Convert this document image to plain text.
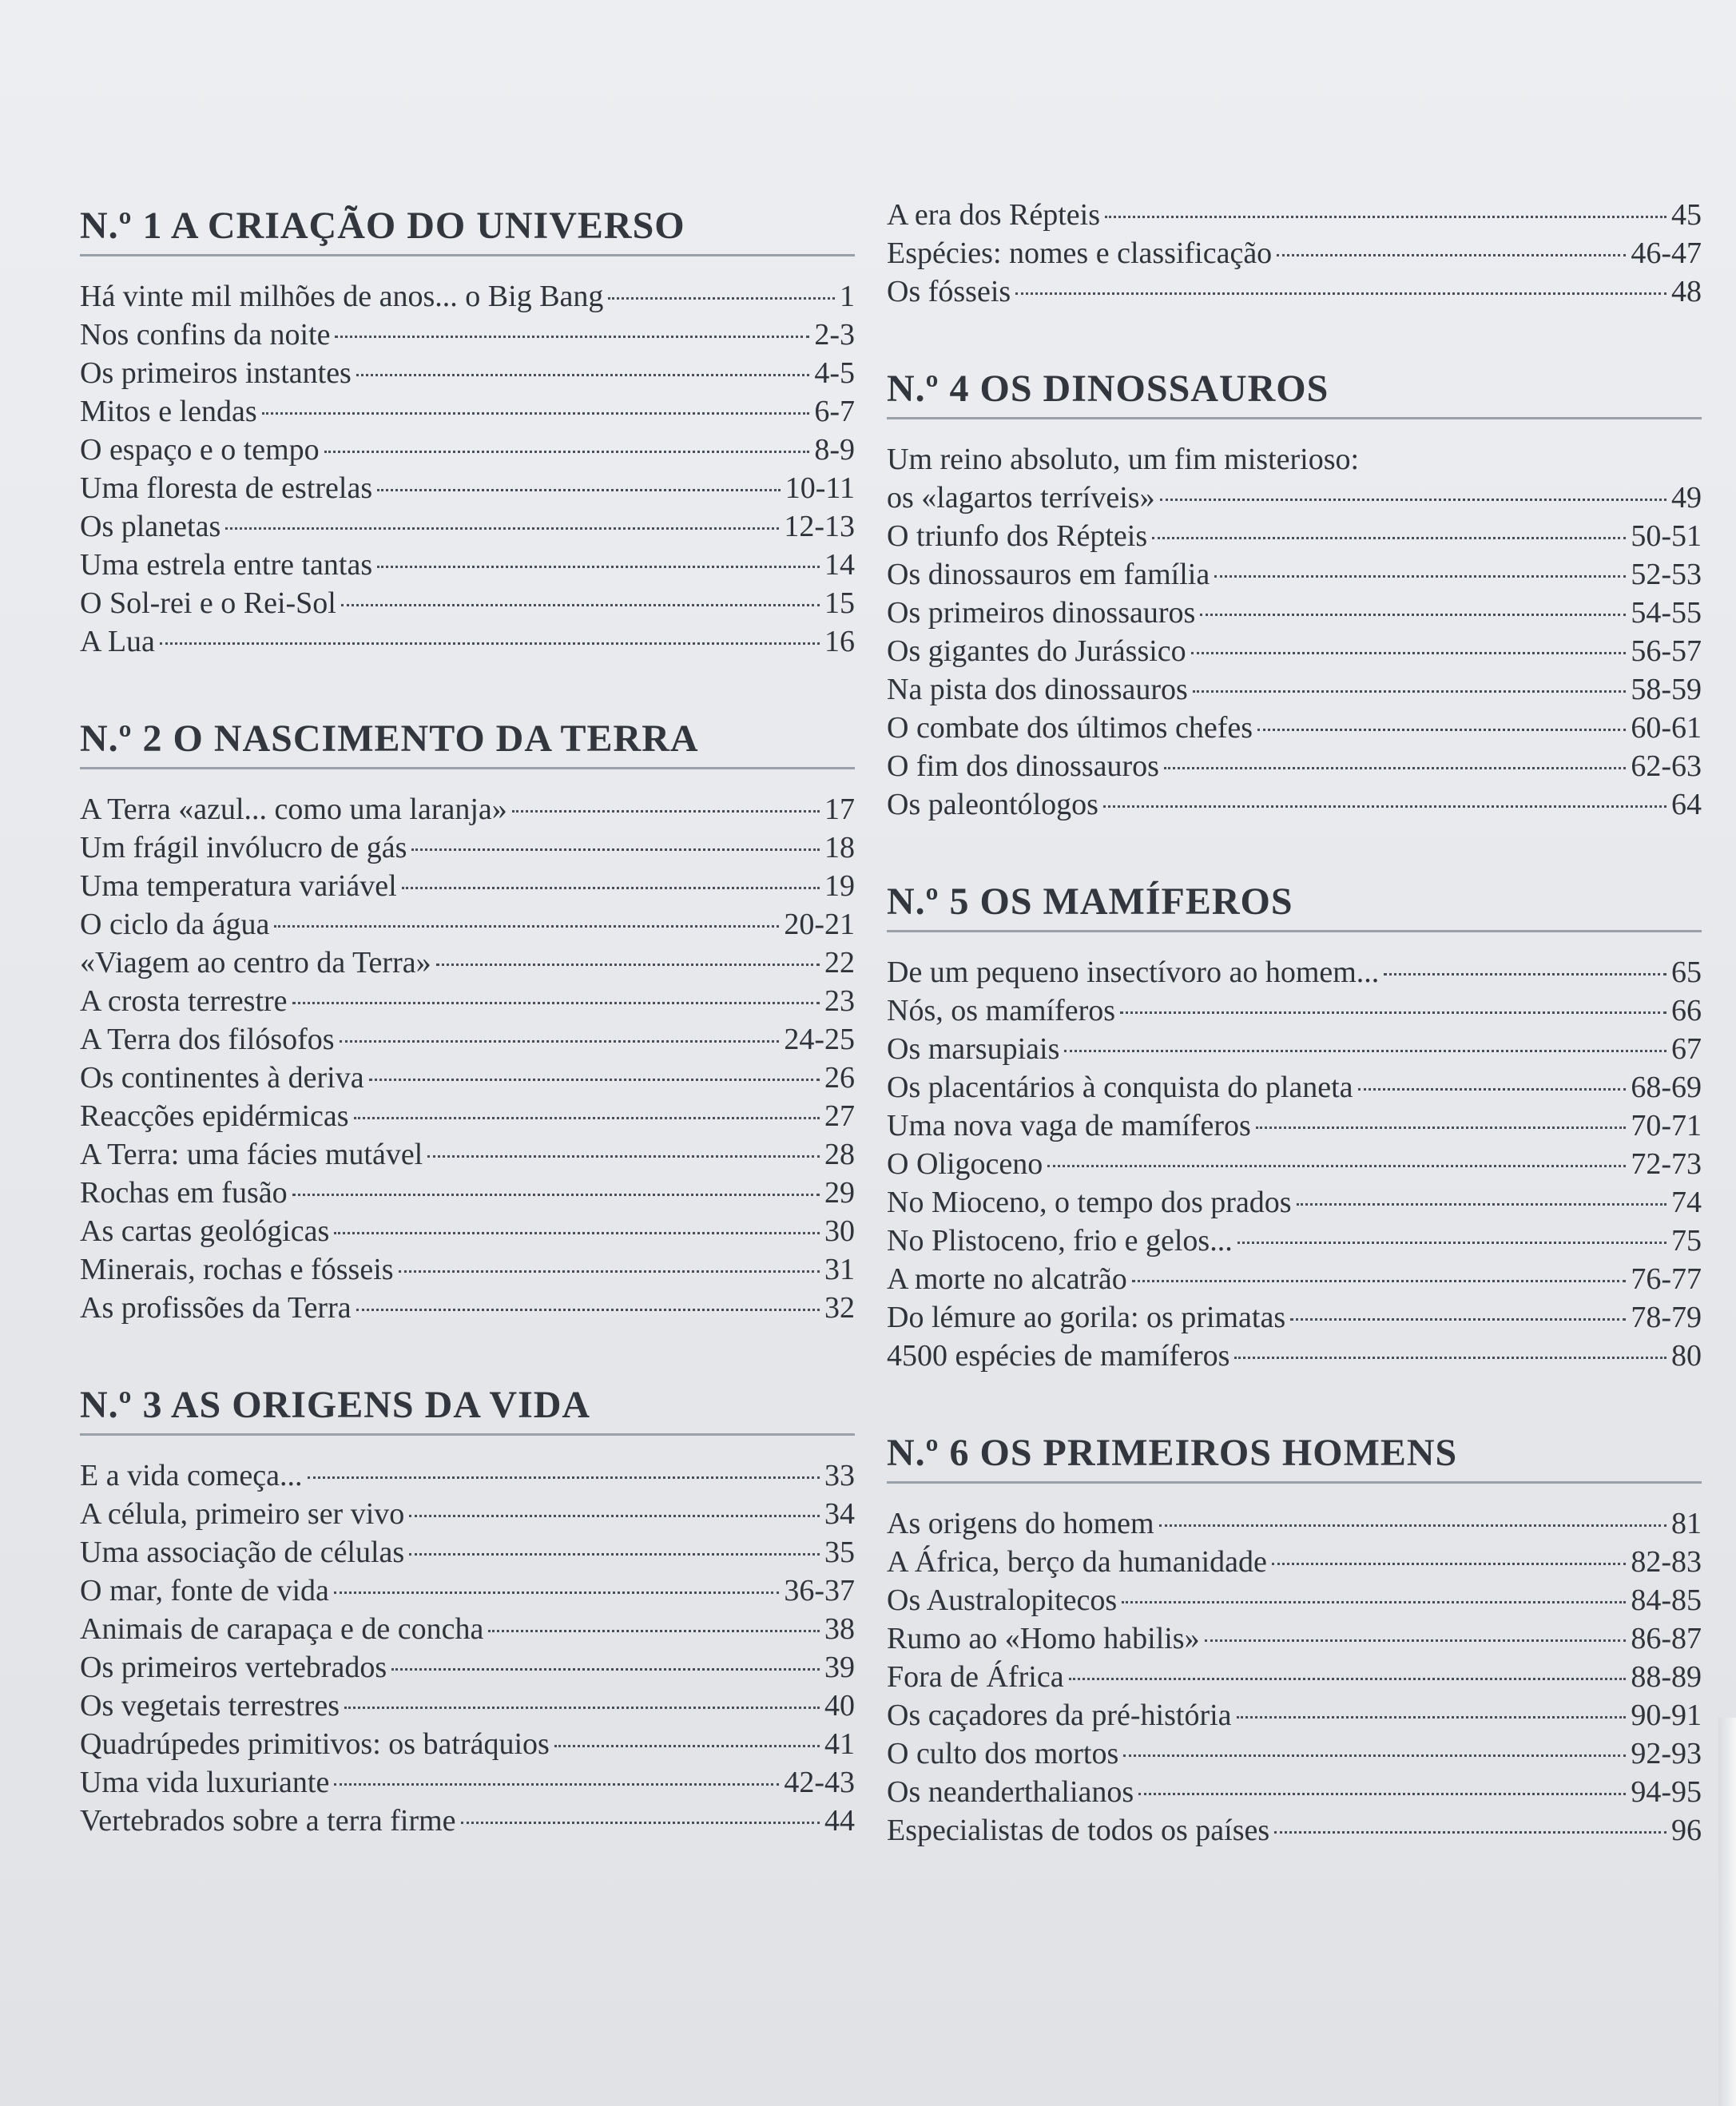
N.º 1 A CRIAÇÃO DO UNIVERSO
Há vinte mil milhões de anos... o Big Bang	1
Nos confins da noite	2-3
Os primeiros instantes	4-5
Mitos e lendas	6-7
O espaço e o tempo	8-9
Uma floresta de estrelas	10-11
Os planetas	12-13
Uma estrela entre tantas	14
O Sol-rei e o Rei-Sol	15
A Lua	16
N.º 2 O NASCIMENTO DA TERRA
A Terra «azul... como uma laranja»	17
Um frágil invólucro de gás	18
Uma temperatura variável	19
O ciclo da água	20-21
«Viagem ao centro da Terra»	22
A crosta terrestre	23
A Terra dos filósofos	24-25
Os continentes à deriva	26
Reacções epidérmicas	27
A Terra: uma fácies mutável	28
Rochas em fusão	29
As cartas geológicas	30
Minerais, rochas e fósseis	31
As profissões da Terra	32
N.º 3 AS ORIGENS DA VIDA
E a vida começa...	33
A célula, primeiro ser vivo	34
Uma associação de células	35
O mar, fonte de vida	36-37
Animais de carapaça e de concha	38
Os primeiros vertebrados	39
Os vegetais terrestres	40
Quadrúpedes primitivos: os batráquios	41
Uma vida luxuriante	42-43
Vertebrados sobre a terra firme	44
A era dos Répteis	45
Espécies: nomes e classificação	46-47
Os fósseis	48
N.º 4 OS DINOSSAUROS
Um reino absoluto, um fim misterioso:
os «lagartos terríveis»	49
O triunfo dos Répteis	50-51
Os dinossauros em família	52-53
Os primeiros dinossauros	54-55
Os gigantes do Jurássico	56-57
Na pista dos dinossauros	58-59
O combate dos últimos chefes	60-61
O fim dos dinossauros	62-63
Os paleontólogos	64
N.º 5 OS MAMÍFEROS
De um pequeno insectívoro ao homem...	65
Nós, os mamíferos	66
Os marsupiais	67
Os placentários à conquista do planeta	68-69
Uma nova vaga de mamíferos	70-71
O Oligoceno	72-73
No Mioceno, o tempo dos prados	74
No Plistoceno, frio e gelos...	75
A morte no alcatrão	76-77
Do lémure ao gorila: os primatas	78-79
4500 espécies de mamíferos	80
N.º 6 OS PRIMEIROS HOMENS
As origens do homem	81
A África, berço da humanidade	82-83
Os Australopitecos	84-85
Rumo ao «Homo habilis»	86-87
Fora de África	88-89
Os caçadores da pré-história	90-91
O culto dos mortos	92-93
Os neanderthalianos	94-95
Especialistas de todos os países	96
